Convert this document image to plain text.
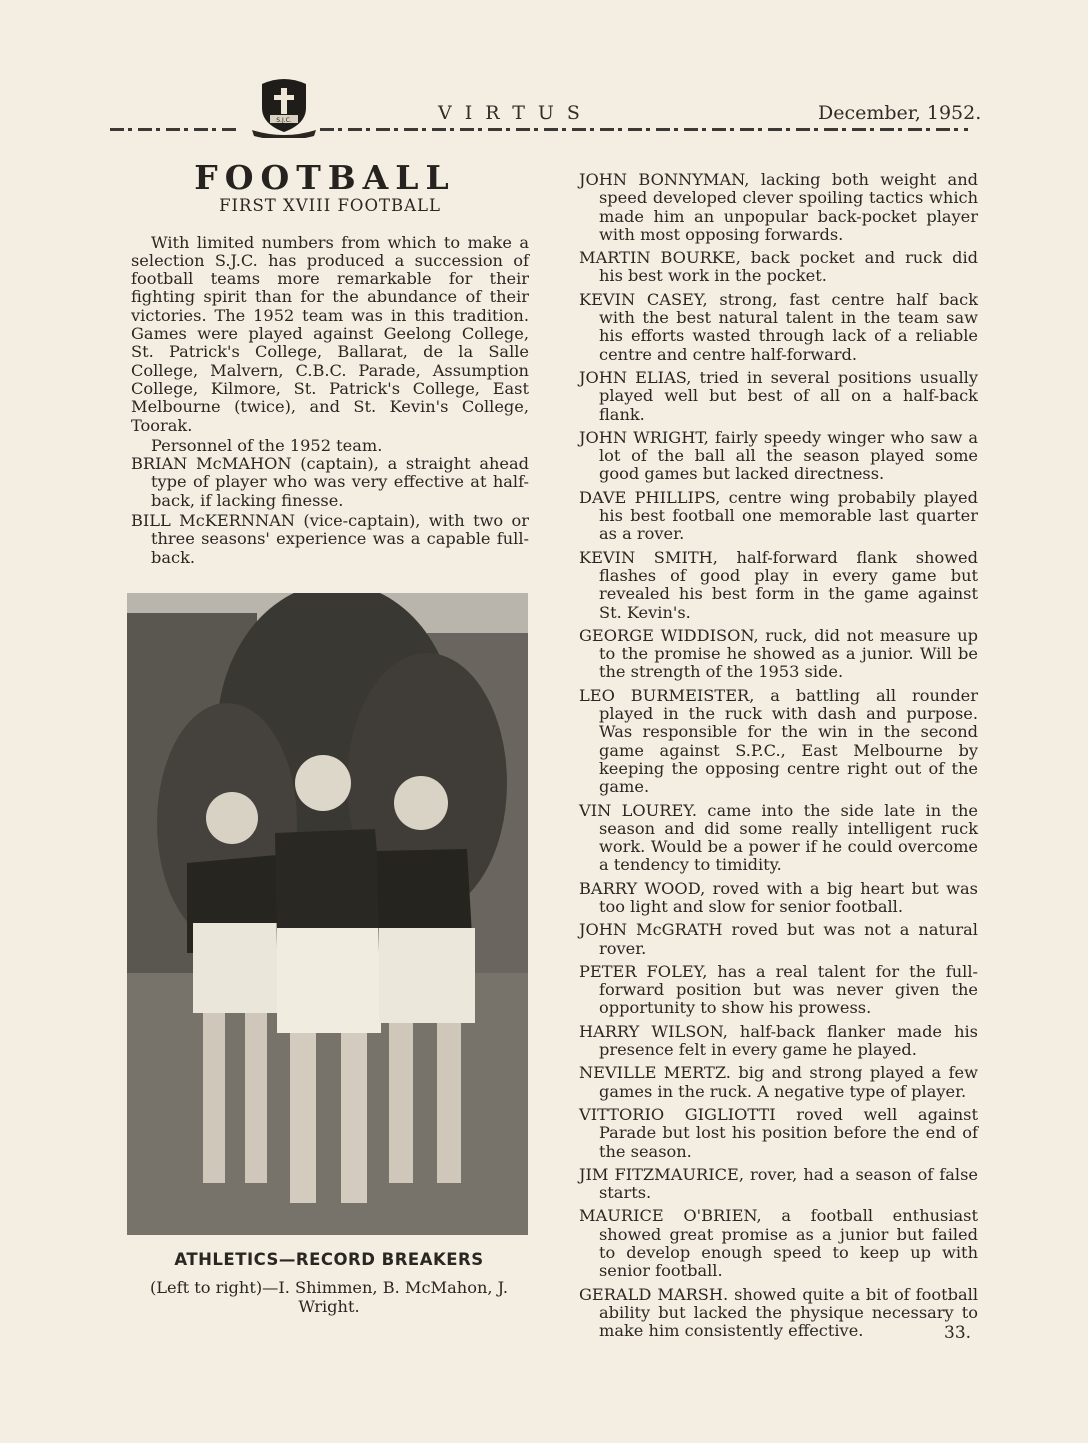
S.J.C.	VIRTUS	December, 1952.
FOOTBALL
FIRST XVIII FOOTBALL

With limited numbers from which to make a selection S.J.C. has produced a succession of football teams more remarkable for their fighting spirit than for the abundance of their victories. The 1952 team was in this tradition. Games were played against Geelong College, St. Patrick's College, Ballarat, de la Salle College, Malvern, C.B.C. Parade, Assumption College, Kilmore, St. Patrick's College, East Melbourne (twice), and St. Kevin's College, Toorak.

Personnel of the 1952 team.

BRIAN McMAHON (captain), a straight ahead type of player who was very effective at half-back, if lacking finesse.

BILL McKERNNAN (vice-captain), with two or three seasons' experience was a capable full-back.

ATHLETICS—RECORD BREAKERS
(Left to right)—I. Shimmen, B. McMahon, J. Wright.

JOHN BONNYMAN, lacking both weight and speed developed clever spoiling tactics which made him an unpopular back-pocket player with most opposing forwards.

MARTIN BOURKE, back pocket and ruck did his best work in the pocket.

KEVIN CASEY, strong, fast centre half back with the best natural talent in the team saw his efforts wasted through lack of a reliable centre and centre half-forward.

JOHN ELIAS, tried in several positions usually played well but best of all on a half-back flank.

JOHN WRIGHT, fairly speedy winger who saw a lot of the ball all the season played some good games but lacked directness.

DAVE PHILLIPS, centre wing probabily played his best football one memorable last quarter as a rover.

KEVIN SMITH, half-forward flank showed flashes of good play in every game but revealed his best form in the game against St. Kevin's.

GEORGE WIDDISON, ruck, did not measure up to the promise he showed as a junior. Will be the strength of the 1953 side.

LEO BURMEISTER, a battling all rounder played in the ruck with dash and purpose. Was responsible for the win in the second game against S.P.C., East Melbourne by keeping the opposing centre right out of the game.

VIN LOUREY. came into the side late in the season and did some really intelligent ruck work. Would be a power if he could overcome a tendency to timidity.

BARRY WOOD, roved with a big heart but was too light and slow for senior football.

JOHN McGRATH roved but was not a natural rover.

PETER FOLEY, has a real talent for the full-forward position but was never given the opportunity to show his prowess.

HARRY WILSON, half-back flanker made his presence felt in every game he played.

NEVILLE MERTZ. big and strong played a few games in the ruck. A negative type of player.

VITTORIO GIGLIOTTI roved well against Parade but lost his position before the end of the season.

JIM FITZMAURICE, rover, had a season of false starts.

MAURICE O'BRIEN, a football enthusiast showed great promise as a junior but failed to develop enough speed to keep up with senior football.

GERALD MARSH. showed quite a bit of football ability but lacked the physique necessary to make him consistently effective.	33.
